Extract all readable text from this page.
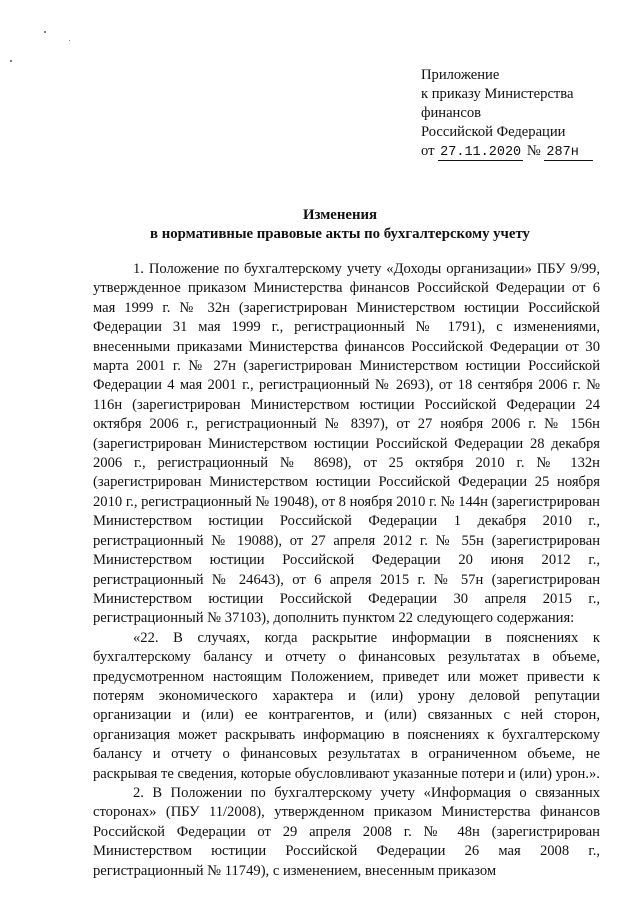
Приложение
к приказу Министерства
финансов
Российской Федерации
от 27.11.2020 № 287н
Изменения
в нормативные правовые акты по бухгалтерскому учету

1. Положение по бухгалтерскому учету «Доходы организации» ПБУ 9/99, утвержденное приказом Министерства финансов Российской Федерации от 6 мая 1999 г. № 32н (зарегистрирован Министерством юстиции Российской Федерации 31 мая 1999 г., регистрационный № 1791), с изменениями, внесенными приказами Министерства финансов Российской Федерации от 30 марта 2001 г. № 27н (зарегистрирован Министерством юстиции Российской Федерации 4 мая 2001 г., регистрационный № 2693), от 18 сентября 2006 г. № 116н (зарегистрирован Министерством юстиции Российской Федерации 24 октября 2006 г., регистрационный № 8397), от 27 ноября 2006 г. № 156н (зарегистрирован Министерством юстиции Российской Федерации 28 декабря 2006 г., регистрационный № 8698), от 25 октября 2010 г. № 132н (зарегистрирован Министерством юстиции Российской Федерации 25 ноября 2010 г., регистрационный № 19048), от 8 ноября 2010 г. № 144н (зарегистрирован Министерством юстиции Российской Федерации 1 декабря 2010 г., регистрационный № 19088), от 27 апреля 2012 г. № 55н (зарегистрирован Министерством юстиции Российской Федерации 20 июня 2012 г., регистрационный № 24643), от 6 апреля 2015 г. № 57н (зарегистрирован Министерством юстиции Российской Федерации 30 апреля 2015 г., регистрационный № 37103), дополнить пунктом 22 следующего содержания:

«22. В случаях, когда раскрытие информации в пояснениях к бухгалтерскому балансу и отчету о финансовых результатах в объеме, предусмотренном настоящим Положением, приведет или может привести к потерям экономического характера и (или) урону деловой репутации организации и (или) ее контрагентов, и (или) связанных с ней сторон, организация может раскрывать информацию в пояснениях к бухгалтерскому балансу и отчету о финансовых результатах в ограниченном объеме, не раскрывая те сведения, которые обусловливают указанные потери и (или) урон.».

2. В Положении по бухгалтерскому учету «Информация о связанных сторонах» (ПБУ 11/2008), утвержденном приказом Министерства финансов Российской Федерации от 29 апреля 2008 г. № 48н (зарегистрирован Министерством юстиции Российской Федерации 26 мая 2008 г., регистрационный № 11749), с изменением, внесенным приказом
